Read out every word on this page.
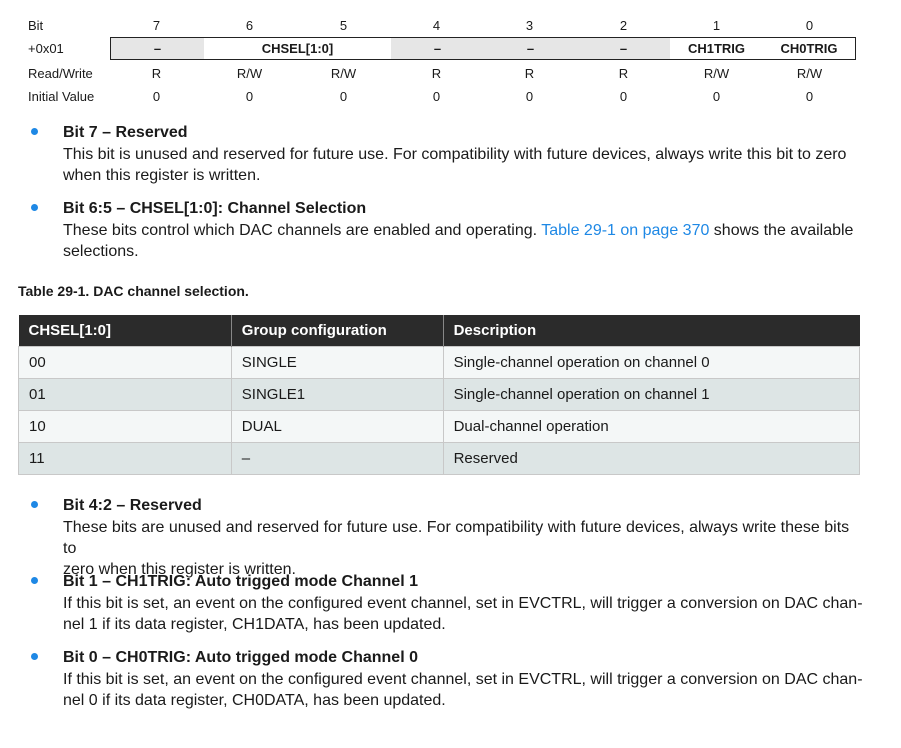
Bit	7	6	5	4	3	2	1	0
+0x01	–	CHSEL[1:0]	–	–	–	CH1TRIG	CH0TRIG
Read/Write	R	R/W	R/W	R	R	R	R/W	R/W
Initial Value	0	0	0	0	0	0	0	0
Bit 7 – Reserved
This bit is unused and reserved for future use. For compatibility with future devices, always write this bit to zero
when this register is written.
Bit 6:5 – CHSEL[1:0]: Channel Selection
These bits control which DAC channels are enabled and operating. Table 29-1 on page 370 shows the available
selections.
Table 29-1. DAC channel selection.
CHSEL[1:0]	Group configuration	Description
00	SINGLE	Single-channel operation on channel 0
01	SINGLE1	Single-channel operation on channel 1
10	DUAL	Dual-channel operation
11	–	Reserved
Bit 4:2 – Reserved
These bits are unused and reserved for future use. For compatibility with future devices, always write these bits to
zero when this register is written.
Bit 1 – CH1TRIG: Auto trigged mode Channel 1
If this bit is set, an event on the configured event channel, set in EVCTRL, will trigger a conversion on DAC chan-
nel 1 if its data register, CH1DATA, has been updated.
Bit 0 – CH0TRIG: Auto trigged mode Channel 0
If this bit is set, an event on the configured event channel, set in EVCTRL, will trigger a conversion on DAC chan-
nel 0 if its data register, CH0DATA, has been updated.
